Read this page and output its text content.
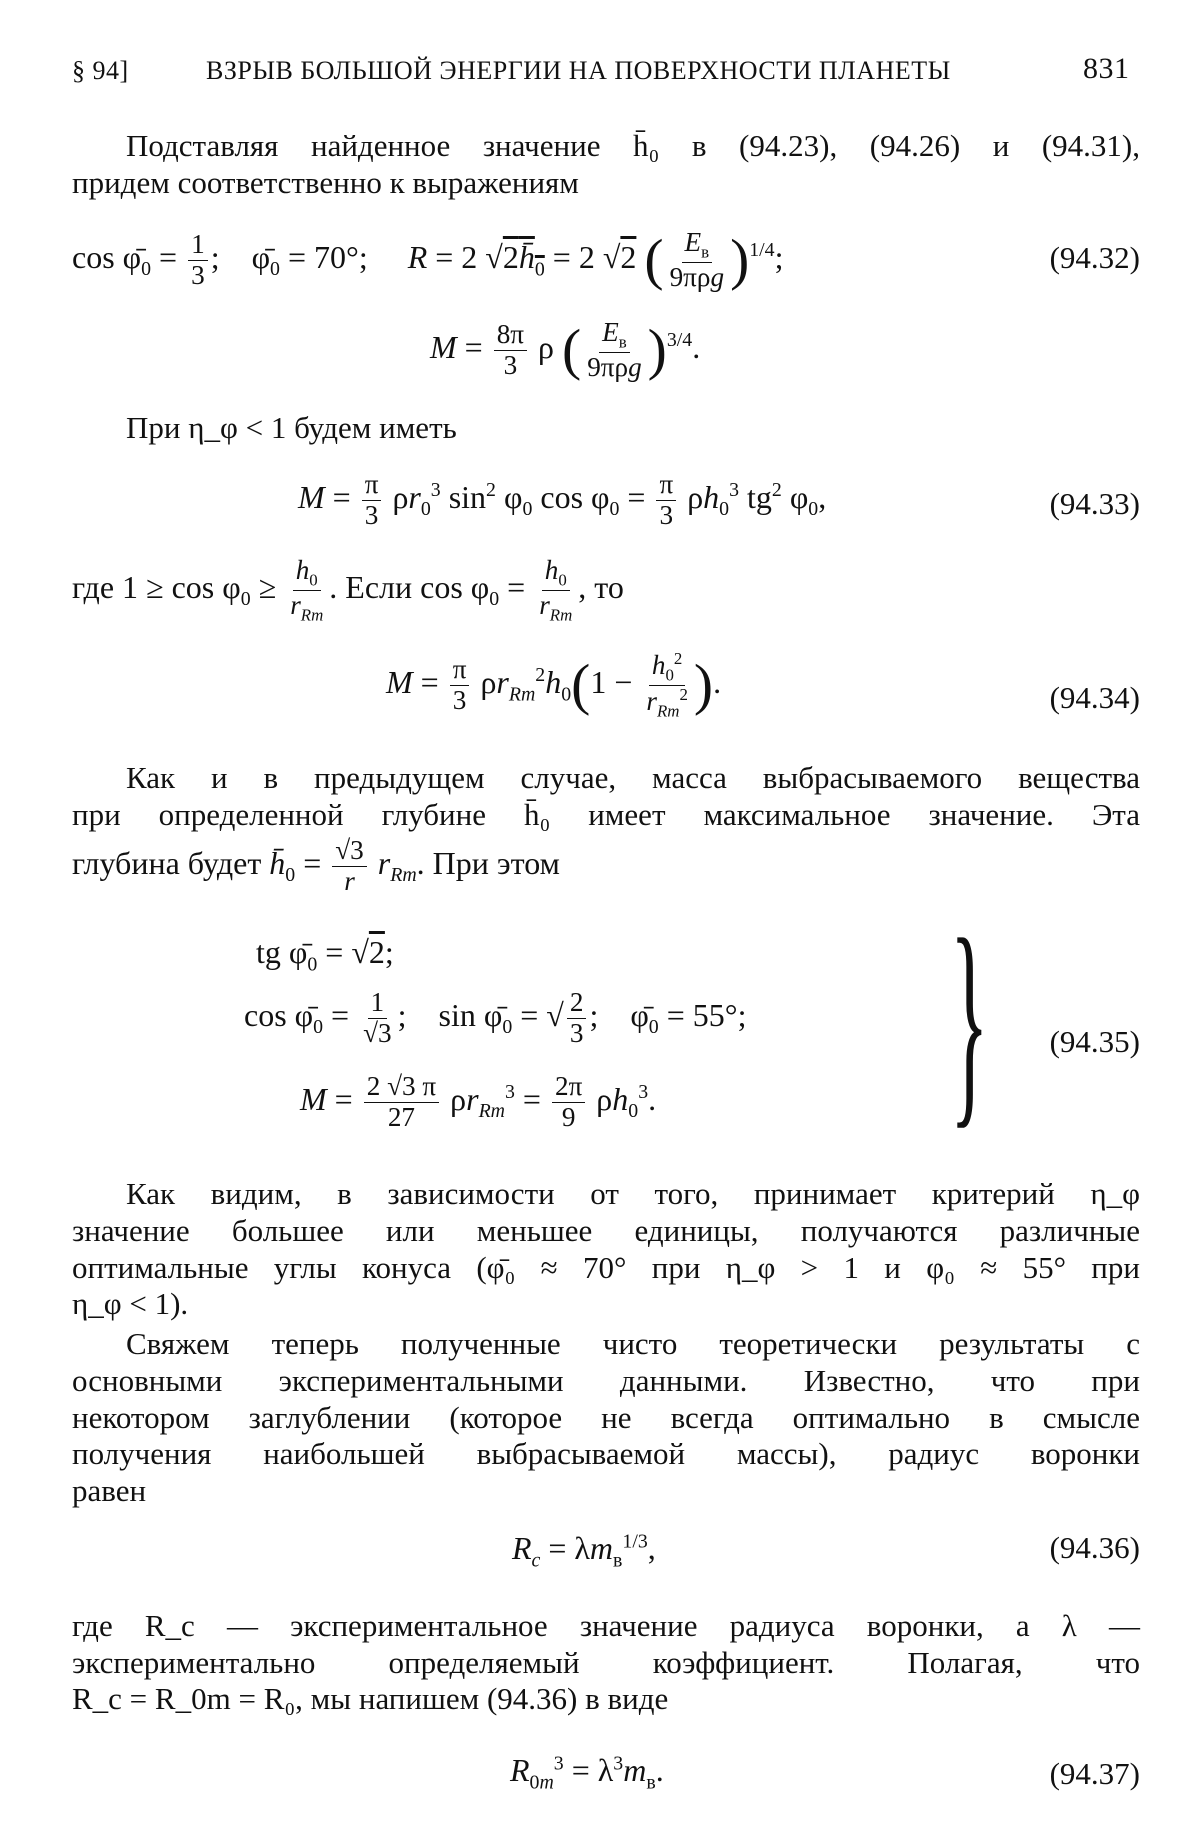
§ 94]	ВЗРЫВ БОЛЬШОЙ ЭНЕРГИИ НА ПОВЕРХНОСТИ ПЛАНЕТЫ	831
Подставляя найденное значение h̄₀ в (94.23), (94.26) и (94.31),
придем соответственно к выражениям
$\cos \varphī_0 = \frac{1}{3}$ ;    $\varphī_0 = 70^\circ$;     R = 2 $√2h̄_0 = 2$ √2 ( $\frac{E_в}{\text{9πρg}} )^{1/4}$;	(94.32)
$M = \frac{8\pi}{3}$ ρ ( $\frac{E_в}{\text{9πρg}} )^{3/4}$.
При η_φ < 1 будем иметь
$M = \frac{\pi}{3} \rho r_0^3$ $\sin^2 \varphi_0$ $\cos \varphi_0 = \frac{\pi}{3} \rho h_0^3$ $tg^2$ $\varphi_0$,	(94.33)
где $1 \ge \cos \varphi_0 \ge \frac{h_0}{r_{Rm}}$ . Если $\cos \varphi_0 = \frac{h_0}{r_{Rm}}$ , то
$M = \frac{\pi}{3} \rho r_{Rm}^2h_0(1 - \frac{h_0^2}{r_{Rm}^2}$ ).	(94.34)
Как и в предыдущем случае, масса выбрасываемого вещества
при определенной глубине h̄₀ имеет максимальное значение. Эта
глубина будет $h̄_0 = \frac{√3}{r} r_{Rm}$. При этом
tg $\varphī_0 = √2$;
$\cos \varphī_0 = \frac{1}{√3}$ ;    $\sin \varphī_0$ = √ $\frac{2}{3}$ ;    $\varphī_0 = 55^\circ$;
$M = \frac{2 √3 \pi}{27} \rho r_{Rm}^3 = \frac{2\pi}{9} \rho h_0^3$. } (94.35)
Как видим, в зависимости от того, принимает критерий η_φ
значение большее или меньшее единицы, получаются различные
оптимальные углы конуса (φ̄₀ ≈ 70° при η_φ > 1 и φ₀ ≈ 55° при
η_φ < 1).
Свяжем теперь полученные чисто теоретически результаты с
основными экспериментальными данными. Известно, что при
некотором заглублении (которое не всегда оптимально в смысле
получения наибольшей выбрасываемой массы), радиус воронки
равен
$R_c = \lambda m_в^{1/3}$,	(94.36)
где R_c — экспериментальное значение радиуса воронки, а λ —
экспериментально определяемый коэффициент. Полагая, что
R_c = R_0m = R₀, мы напишем (94.36) в виде
$R_{0m}^3 = \lambda^3m_в$.	(94.37)
